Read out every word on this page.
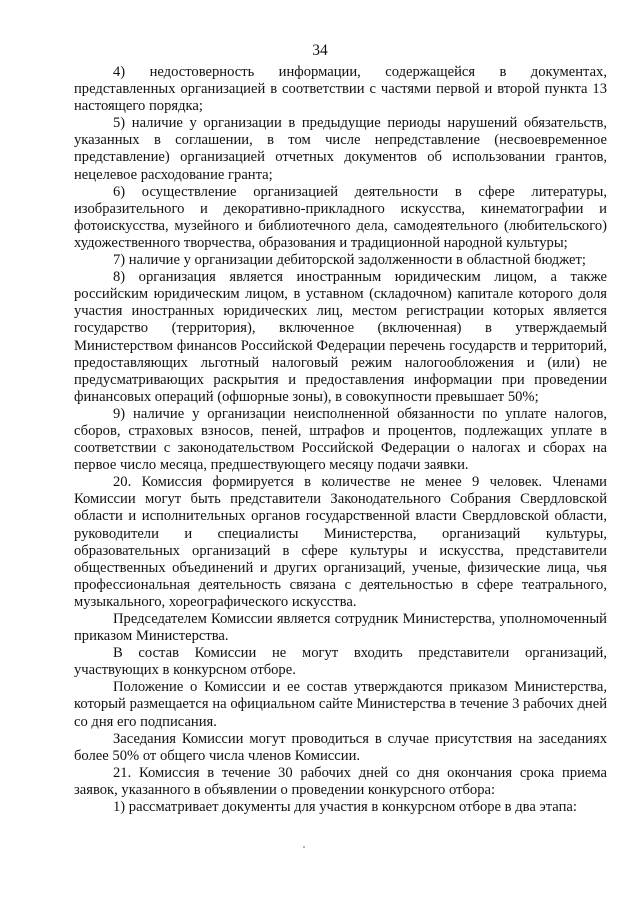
34

4) недостоверность информации, содержащейся в документах, представленных организацией в соответствии с частями первой и второй пункта 13 настоящего порядка;

5) наличие у организации в предыдущие периоды нарушений обязательств, указанных в соглашении, в том числе непредставление (несвоевременное представление) организацией отчетных документов об использовании грантов, нецелевое расходование гранта;

6) осуществление организацией деятельности в сфере литературы, изобразительного и декоративно-прикладного искусства, кинематографии и фотоискусства, музейного и библиотечного дела, самодеятельного (любительского) художественного творчества, образования и традиционной народной культуры;

7) наличие у организации дебиторской задолженности в областной бюджет;

8) организация является иностранным юридическим лицом, а также российским юридическим лицом, в уставном (складочном) капитале которого доля участия иностранных юридических лиц, местом регистрации которых является государство (территория), включенное (включенная) в утверждаемый Министерством финансов Российской Федерации перечень государств и территорий, предоставляющих льготный налоговый режим налогообложения и (или) не предусматривающих раскрытия и предоставления информации при проведении финансовых операций (офшорные зоны), в совокупности превышает 50%;

9) наличие у организации неисполненной обязанности по уплате налогов, сборов, страховых взносов, пеней, штрафов и процентов, подлежащих уплате в соответствии с законодательством Российской Федерации о налогах и сборах на первое число месяца, предшествующего месяцу подачи заявки.

20. Комиссия формируется в количестве не менее 9 человек. Членами Комиссии могут быть представители Законодательного Собрания Свердловской области и исполнительных органов государственной власти Свердловской области, руководители и специалисты Министерства, организаций культуры, образовательных организаций в сфере культуры и искусства, представители общественных объединений и других организаций, ученые, физические лица, чья профессиональная деятельность связана с деятельностью в сфере театрального, музыкального, хореографического искусства.

Председателем Комиссии является сотрудник Министерства, уполномоченный приказом Министерства.

В состав Комиссии не могут входить представители организаций, участвующих в конкурсном отборе.

Положение о Комиссии и ее состав утверждаются приказом Министерства, который размещается на официальном сайте Министерства в течение 3 рабочих дней со дня его подписания.

Заседания Комиссии могут проводиться в случае присутствия на заседаниях более 50% от общего числа членов Комиссии.

21. Комиссия в течение 30 рабочих дней со дня окончания срока приема заявок, указанного в объявлении о проведении конкурсного отбора:

1) рассматривает документы для участия в конкурсном отборе в два этапа:
